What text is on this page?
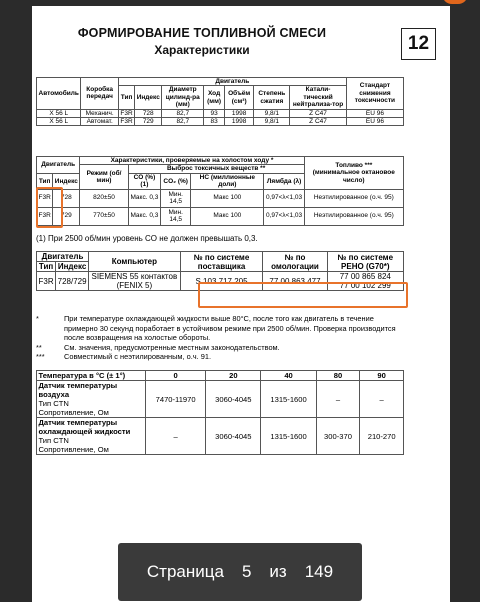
ФОРМИРОВАНИЕ ТОПЛИВНОЙ СМЕСИ
Характеристики	12
Автомобиль	Коробка передач	Двигатель							Стандарт снижения токсичности
		Тип	Индекс	Диаметр цилинд-ра (мм)	Ход (мм)	Объём (см³)	Степень сжатия	Катали-тический нейтрализа-тор	
X 56 L	Механич.	F3R	728	82,7	93	1998	9,8/1	Z C47	EU 96
X 56 L	Автомат.	F3R	729	82,7	83	1998	9,8/1	Z C47	EU 96
Двигатель		Характеристики, проверяемые на холостом ходу *					Топливо ***
(минимальное октановое число)
		Режим (об/мин)	Выброс токсичных веществ **				
Тип	Индекс		CO (%) (1)	CO₂ (%)	HC (миллионные доли)	Лямбда (λ)	
F3R	728	820±50	Макс. 0,3	Мин. 14,5	Макс 100	0,97<λ<1,03	Неэтилированное (о.ч. 95)
F3R	729	770±50	Макс. 0,3	Мин. 14,5	Макс 100	0,97<λ<1,03	Неэтилированное (о.ч. 95)
(1) При 2500 об/мин уровень CO не должен превышать 0,3.
Двигатель		Компьютер	№ по системе поставщика	№ по омологации	№ по системе РЕНО (G70*)
Тип	Индекс				
F3R	728/729	SIEMENS 55 контактов (FENIX 5)	S 103 717 205	77 00 863 477	77 00 865 824
77 00 102 299
*	При температуре охлаждающей жидкости выше 80°С, после того как двигатель в течение примерно 30 секунд поработает в устойчивом режиме при 2500 об/мин. Проверка производится после возвращения на холостые обороты.
**	См. значения, предусмотренные местным законодательством.
***	Совместимый с неэтилированным, о.ч. 91.
Температура в °С (± 1°)	0	20	40	80	90
Датчик температуры воздуха
Тип CTN
Сопротивление, Ом	7470-11970	3060-4045	1315-1600	–	–
Датчик температуры охлаждающей жидкости
Тип CTN
Сопротивление, Ом	–	3060-4045	1315-1600	300-370	210-270
Страница 5 из 149
